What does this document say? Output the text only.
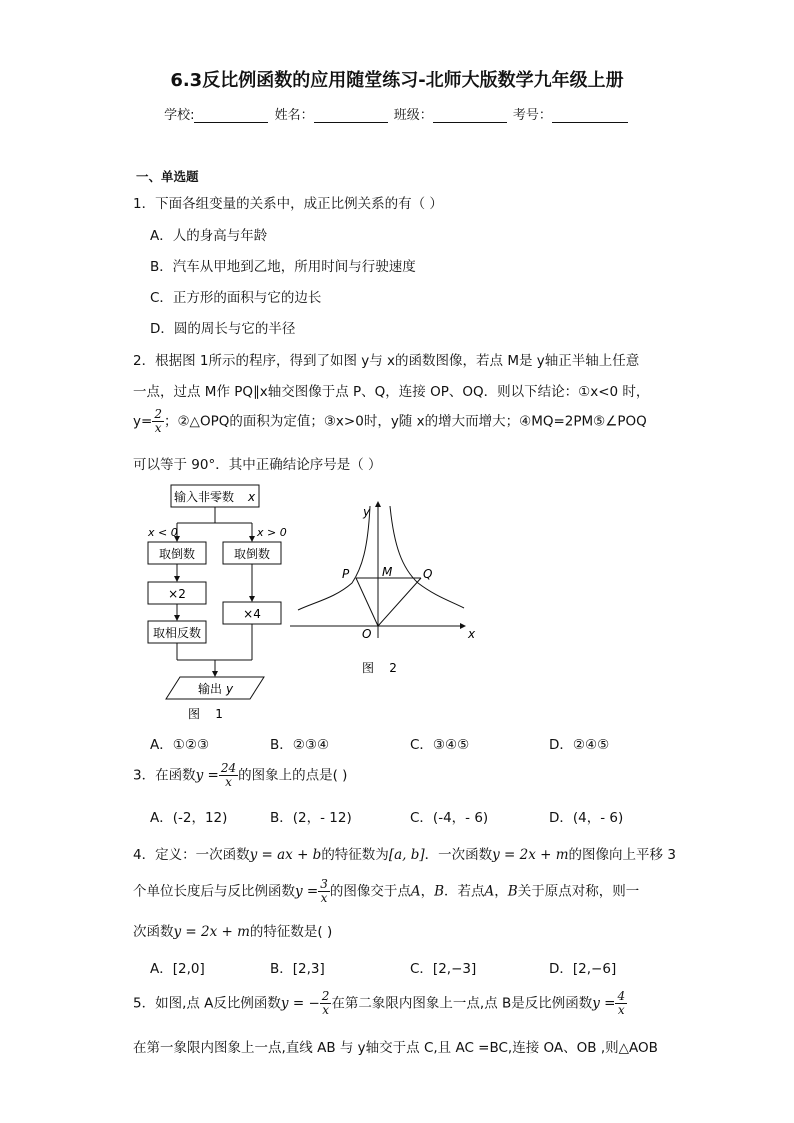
6.3反比例函数的应用随堂练习-北师大版数学九年级上册
学校:	姓名：	班级：	考号：
一、单选题
1．下面各组变量的关系中，成正比例关系的有（ ）
A．人的身高与年龄
B．汽车从甲地到乙地，所用时间与行驶速度
C．正方形的面积与它的边长
D．圆的周长与它的半径
2．根据图 1所示的程序，得到了如图 y与 x的函数图像，若点 M是 y轴正半轴上任意
一点，过点 M作 PQ∥x轴交图像于点 P、Q，连接 OP、OQ．则以下结论：①x<0 时，
$y= \frac{2}{x}$ ；②△OPQ的面积为定值；③x>0时，y随 x的增大而增大；④MQ=2PM⑤∠POQ
可以等于 90°．其中正确结论序号是（ ）
输入非零数 x
x < 0	x > 0
取倒数	取倒数
×2
取相反数
×4
输出 y
图    1
x
y
P	M	Q
O
图    2
A．①②③	B．②③④	C．③④⑤	D．②④⑤
3．在函数$y = \frac{24}{x}$ 的图象上的点是( )
A．(-2，12)	B．(2，- 12)	C．(-4，- 6)	D．(4，- 6)
4．定义：一次函数y = ax + b的特征数为[a, b]．一次函数y = 2x + m的图像向上平移 3
个单位长度后与反比例函数$y = \frac{3}{x}$ 的图像交于点A，B．若点A，B关于原点对称，则一
次函数y = 2x + m的特征数是( )
A．[2,0]	B．[2,3]	C．[2,−3]	D．[2,−6]
5．如图,点 A反比例函数y = − $\frac{2}{x}$ 在第二象限内图象上一点,点 B是反比例函数$y = \frac{4}{x}$
在第一象限内图象上一点,直线 AB 与 y轴交于点 C,且 AC =BC,连接 OA、OB ,则△AOB
